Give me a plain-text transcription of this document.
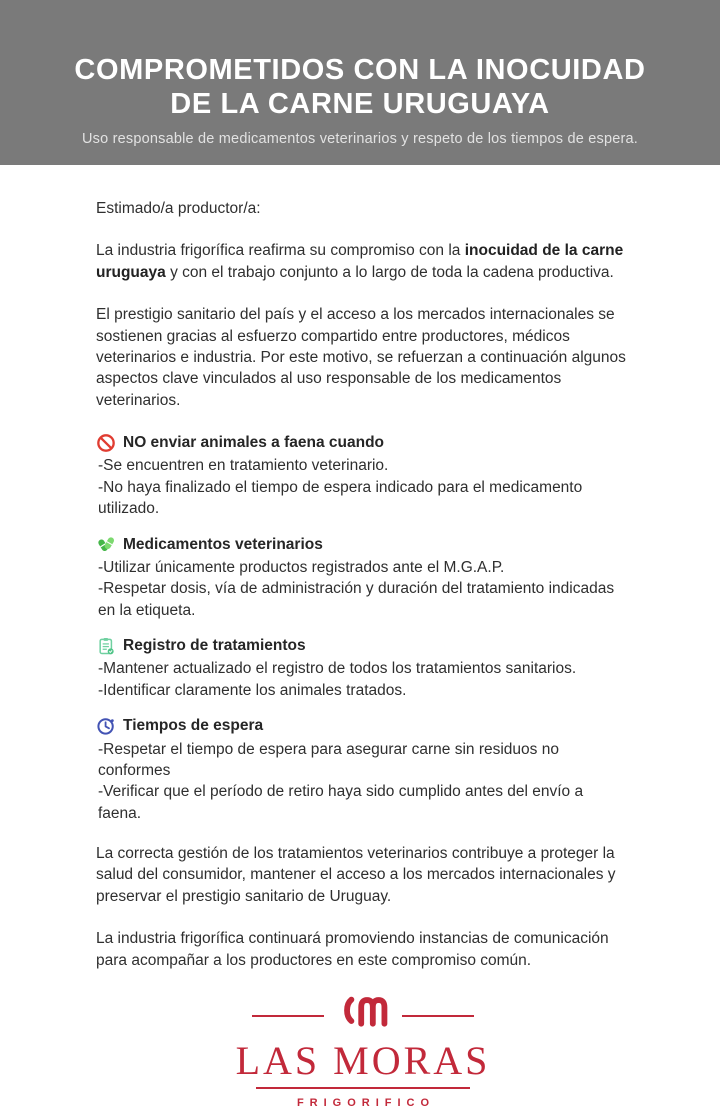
COMPROMETIDOS CON LA INOCUIDAD
DE LA CARNE URUGUAYA
Uso responsable de medicamentos veterinarios y respeto de los tiempos de espera.

Estimado/a productor/a:

La industria frigorífica reafirma su compromiso con la inocuidad de la carne uruguaya y con el trabajo conjunto a lo largo de toda la cadena productiva.

El prestigio sanitario del país y el acceso a los mercados internacionales se sostienen gracias al esfuerzo compartido entre productores, médicos veterinarios e industria. Por este motivo, se refuerzan a continuación algunos aspectos clave vinculados al uso responsable de los medicamentos veterinarios.

NO enviar animales a faena cuando
-Se encuentren en tratamiento veterinario.
-No haya finalizado el tiempo de espera indicado para el medicamento utilizado.
Medicamentos veterinarios
-Utilizar únicamente productos registrados ante el M.G.A.P.
-Respetar dosis, vía de administración y duración del tratamiento indicadas en la etiqueta.
Registro de tratamientos
-Mantener actualizado el registro de todos los tratamientos sanitarios.
-Identificar claramente los animales tratados.
Tiempos de espera
-Respetar el tiempo de espera para asegurar carne sin residuos no conformes
-Verificar que el período de retiro haya sido cumplido antes del envío a faena.

La correcta gestión de los tratamientos veterinarios contribuye a proteger la salud del consumidor, mantener el acceso a los mercados internacionales y preservar el prestigio sanitario de Uruguay.

La industria frigorífica continuará promoviendo instancias de comunicación para acompañar a los productores en este compromiso común.

LAS MORAS
FRIGORIFICO
